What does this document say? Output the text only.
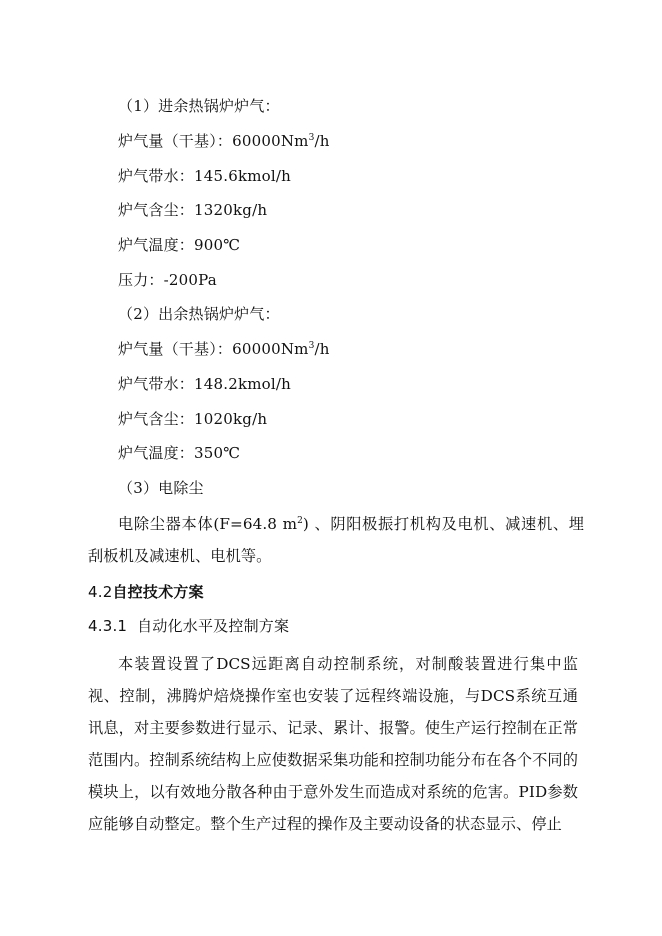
（1）进余热锅炉炉气：
炉气量（干基）：60000Nm$^3$/h
炉气带水：145.6kmol/h
炉气含尘：1320kg/h
炉气温度：900℃
压力：-200Pa
（2）出余热锅炉炉气：
炉气量（干基）：60000Nm$^3$/h
炉气带水：148.2kmol/h
炉气含尘：1020kg/h
炉气温度：350℃
（3）电除尘
电除尘器本体(F=64.8 $m^2$) 、阴阳极振打机构及电机、减速机、埋刮板机及减速机、电机等。
4.2自控技术方案
4.3.1 自动化水平及控制方案
本装置设置了DCS远距离自动控制系统，对制酸装置进行集中监视、控制，沸腾炉焙烧操作室也安装了远程终端设施，与DCS系统互通讯息，对主要参数进行显示、记录、累计、报警。使生产运行控制在正常范围内。控制系统结构上应使数据采集功能和控制功能分布在各个不同的模块上，以有效地分散各种由于意外发生而造成对系统的危害。PID参数应能够自动整定。整个生产过程的操作及主要动设备的状态显示、停止
